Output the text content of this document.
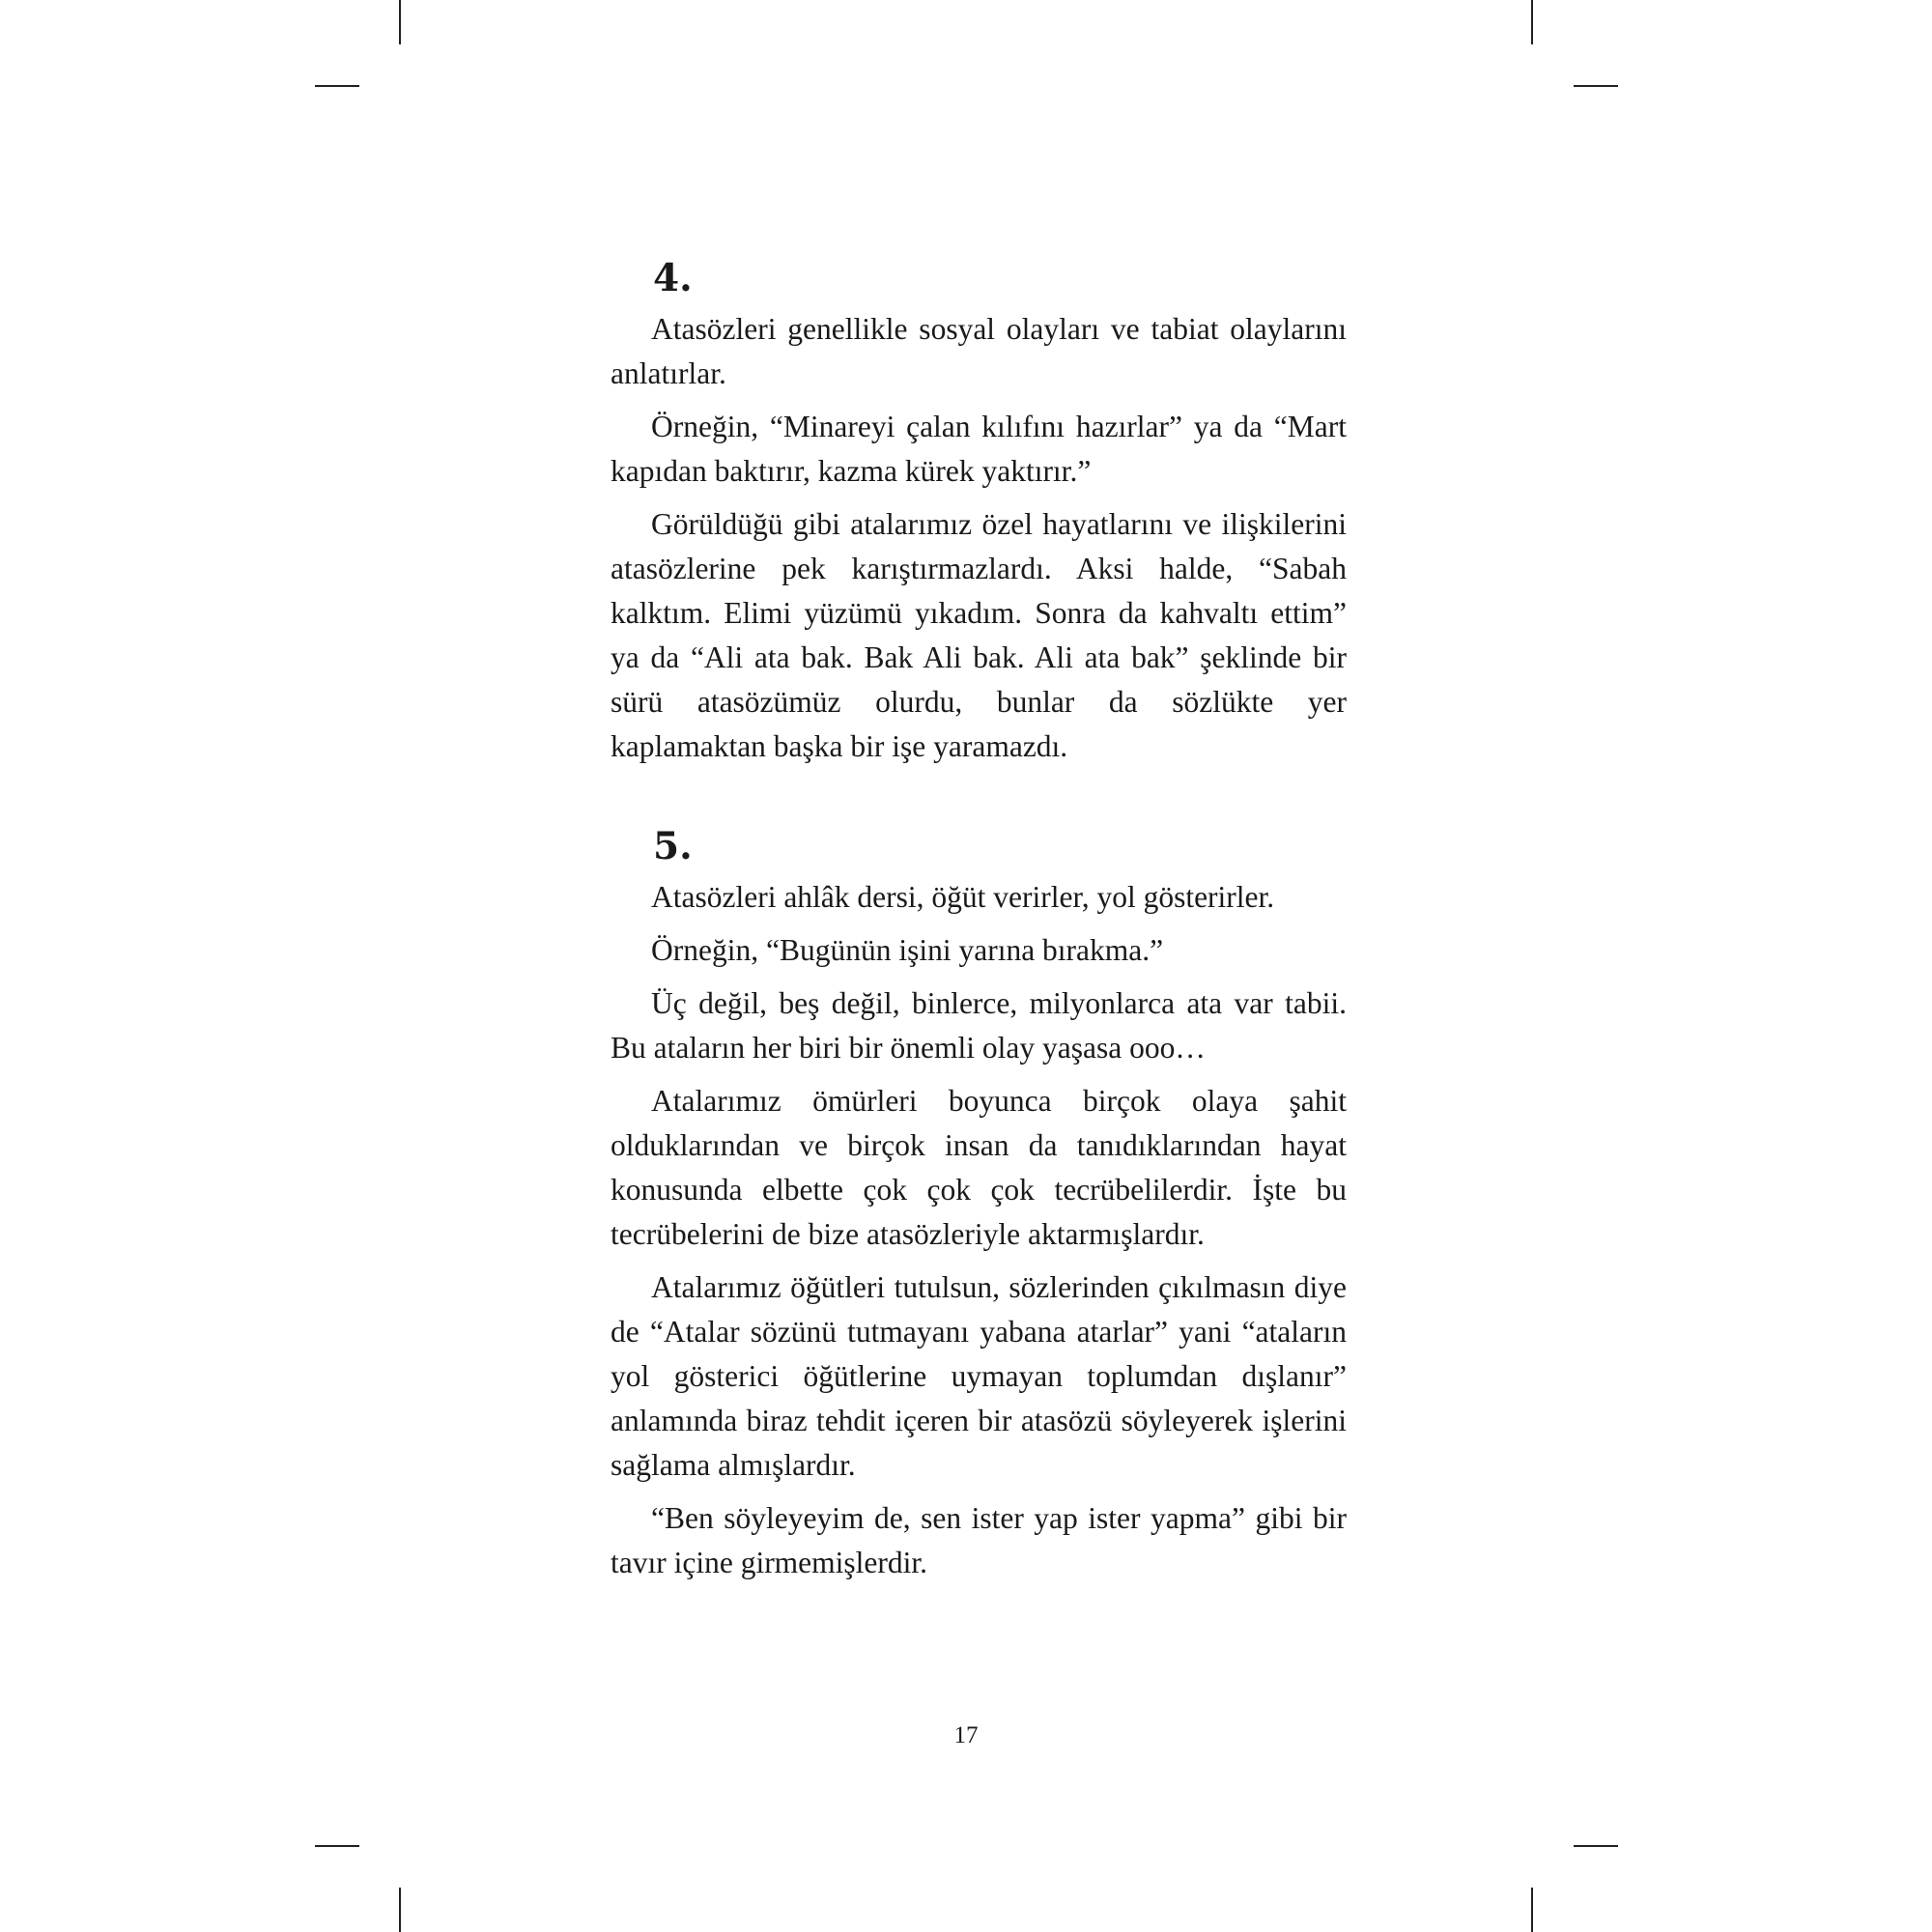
4.

Atasözleri genellikle sosyal olayları ve tabiat olaylarını anlatırlar.

Örneğin, “Minareyi çalan kılıfını hazırlar” ya da “Mart kapıdan baktırır, kazma kürek yaktırır.”

Görüldüğü gibi atalarımız özel hayatlarını ve ilişkilerini atasözlerine pek karıştırmazlardı. Aksi halde, “Sabah kalktım. Elimi yüzümü yıkadım. Sonra da kahvaltı ettim” ya da “Ali ata bak. Bak Ali bak. Ali ata bak” şeklinde bir sürü atasözümüz olurdu, bunlar da sözlükte yer kaplamaktan başka bir işe yaramazdı.

5.

Atasözleri ahlâk dersi, öğüt verirler, yol gösterirler.

Örneğin, “Bugünün işini yarına bırakma.”

Üç değil, beş değil, binlerce, milyonlarca ata var tabii. Bu ataların her biri bir önemli olay yaşasa ooo…

Atalarımız ömürleri boyunca birçok olaya şahit olduklarından ve birçok insan da tanıdıklarından hayat konusunda elbette çok çok çok tecrübelilerdir. İşte bu tecrübelerini de bize atasözleriyle aktarmışlardır.

Atalarımız öğütleri tutulsun, sözlerinden çıkılmasın diye de “Atalar sözünü tutmayanı yabana atarlar” yani “ataların yol gösterici öğütlerine uymayan toplumdan dışlanır” anlamında biraz tehdit içeren bir atasözü söyleyerek işlerini sağlama almışlardır.

“Ben söyleyeyim de, sen ister yap ister yapma” gibi bir tavır içine girmemişlerdir.

17
